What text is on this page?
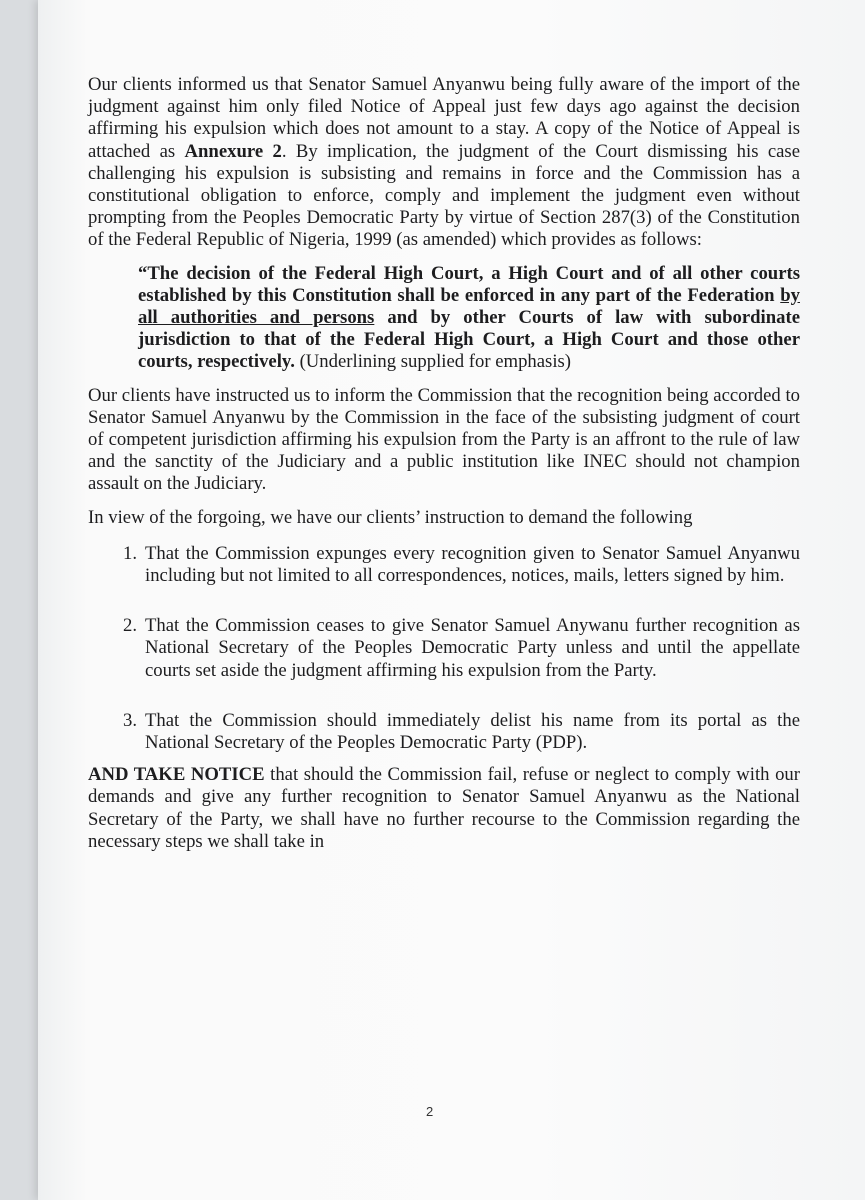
Our clients informed us that Senator Samuel Anyanwu being fully aware of the import of the judgment against him only filed Notice of Appeal just few days ago against the decision affirming his expulsion which does not amount to a stay. A copy of the Notice of Appeal is attached as Annexure 2. By implication, the judgment of the Court dismissing his case challenging his expulsion is subsisting and remains in force and the Commission has a constitutional obligation to enforce, comply and implement the judgment even without prompting from the Peoples Democratic Party by virtue of Section 287(3) of the Constitution of the Federal Republic of Nigeria, 1999 (as amended) which provides as follows:

“The decision of the Federal High Court, a High Court and of all other courts established by this Constitution shall be enforced in any part of the Federation by all authorities and persons and by other Courts of law with subordinate jurisdiction to that of the Federal High Court, a High Court and those other courts, respectively. (Underlining supplied for emphasis)

Our clients have instructed us to inform the Commission that the recognition being accorded to Senator Samuel Anyanwu by the Commission in the face of the subsisting judgment of court of competent jurisdiction affirming his expulsion from the Party is an affront to the rule of law and the sanctity of the Judiciary and a public institution like INEC should not champion assault on the Judiciary.

In view of the forgoing, we have our clients’ instruction to demand the following

1. That the Commission expunges every recognition given to Senator Samuel Anyanwu including but not limited to all correspondences, notices, mails, letters signed by him.
2. That the Commission ceases to give Senator Samuel Anywanu further recognition as National Secretary of the Peoples Democratic Party unless and until the appellate courts set aside the judgment affirming his expulsion from the Party.
3. That the Commission should immediately delist his name from its portal as the National Secretary of the Peoples Democratic Party (PDP).

AND TAKE NOTICE that should the Commission fail, refuse or neglect to comply with our demands and give any further recognition to Senator Samuel Anyanwu as the National Secretary of the Party, we shall have no further recourse to the Commission regarding the necessary steps we shall take in

2
